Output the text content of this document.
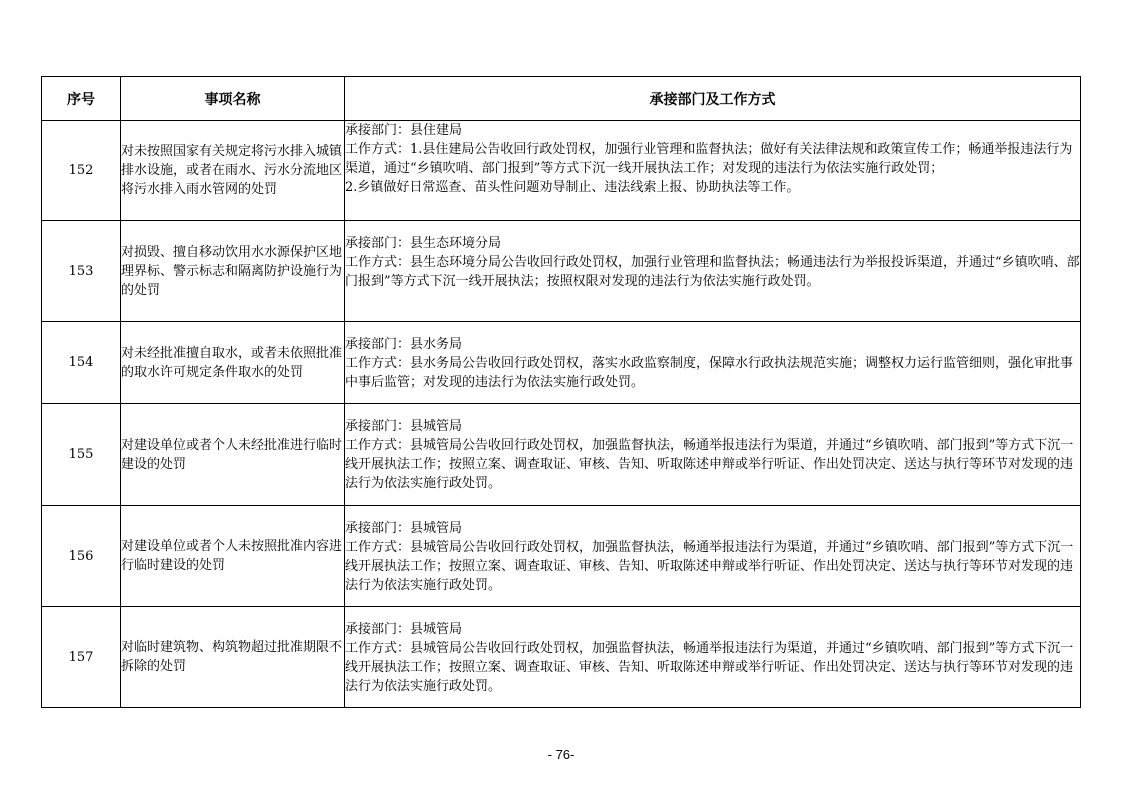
序号	事项名称	承接部门及工作方式
152	对未按照国家有关规定将污水排入城镇排水设施，或者在雨水、污水分流地区将污水排入雨水管网的处罚	承接部门：县住建局
工作方式：1.县住建局公告收回行政处罚权，加强行业管理和监督执法；做好有关法律法规和政策宣传工作；畅通举报违法行为渠道，通过“乡镇吹哨、部门报到”等方式下沉一线开展执法工作；对发现的违法行为依法实施行政处罚；
2.乡镇做好日常巡查、苗头性问题劝导制止、违法线索上报、协助执法等工作。

153	对损毁、擅自移动饮用水水源保护区地理界标、警示标志和隔离防护设施行为的处罚	承接部门：县生态环境分局
工作方式：县生态环境分局公告收回行政处罚权，加强行业管理和监督执法；畅通违法行为举报投诉渠道，并通过“乡镇吹哨、部门报到”等方式下沉一线开展执法；按照权限对发现的违法行为依法实施行政处罚。

154	对未经批准擅自取水，或者未依照批准的取水许可规定条件取水的处罚	承接部门：县水务局
工作方式：县水务局公告收回行政处罚权，落实水政监察制度，保障水行政执法规范实施；调整权力运行监管细则，强化审批事中事后监管；对发现的违法行为依法实施行政处罚。

155	对建设单位或者个人未经批准进行临时建设的处罚	承接部门：县城管局
工作方式：县城管局公告收回行政处罚权，加强监督执法，畅通举报违法行为渠道，并通过“乡镇吹哨、部门报到”等方式下沉一线开展执法工作；按照立案、调查取证、审核、告知、听取陈述申辩或举行听证、作出处罚决定、送达与执行等环节对发现的违法行为依法实施行政处罚。

156	对建设单位或者个人未按照批准内容进行临时建设的处罚	承接部门：县城管局
工作方式：县城管局公告收回行政处罚权，加强监督执法，畅通举报违法行为渠道，并通过“乡镇吹哨、部门报到”等方式下沉一线开展执法工作；按照立案、调查取证、审核、告知、听取陈述申辩或举行听证、作出处罚决定、送达与执行等环节对发现的违法行为依法实施行政处罚。

157	对临时建筑物、构筑物超过批准期限不拆除的处罚	承接部门：县城管局
工作方式：县城管局公告收回行政处罚权，加强监督执法，畅通举报违法行为渠道，并通过“乡镇吹哨、部门报到”等方式下沉一线开展执法工作；按照立案、调查取证、审核、告知、听取陈述申辩或举行听证、作出处罚决定、送达与执行等环节对发现的违法行为依法实施行政处罚。
- 76-
